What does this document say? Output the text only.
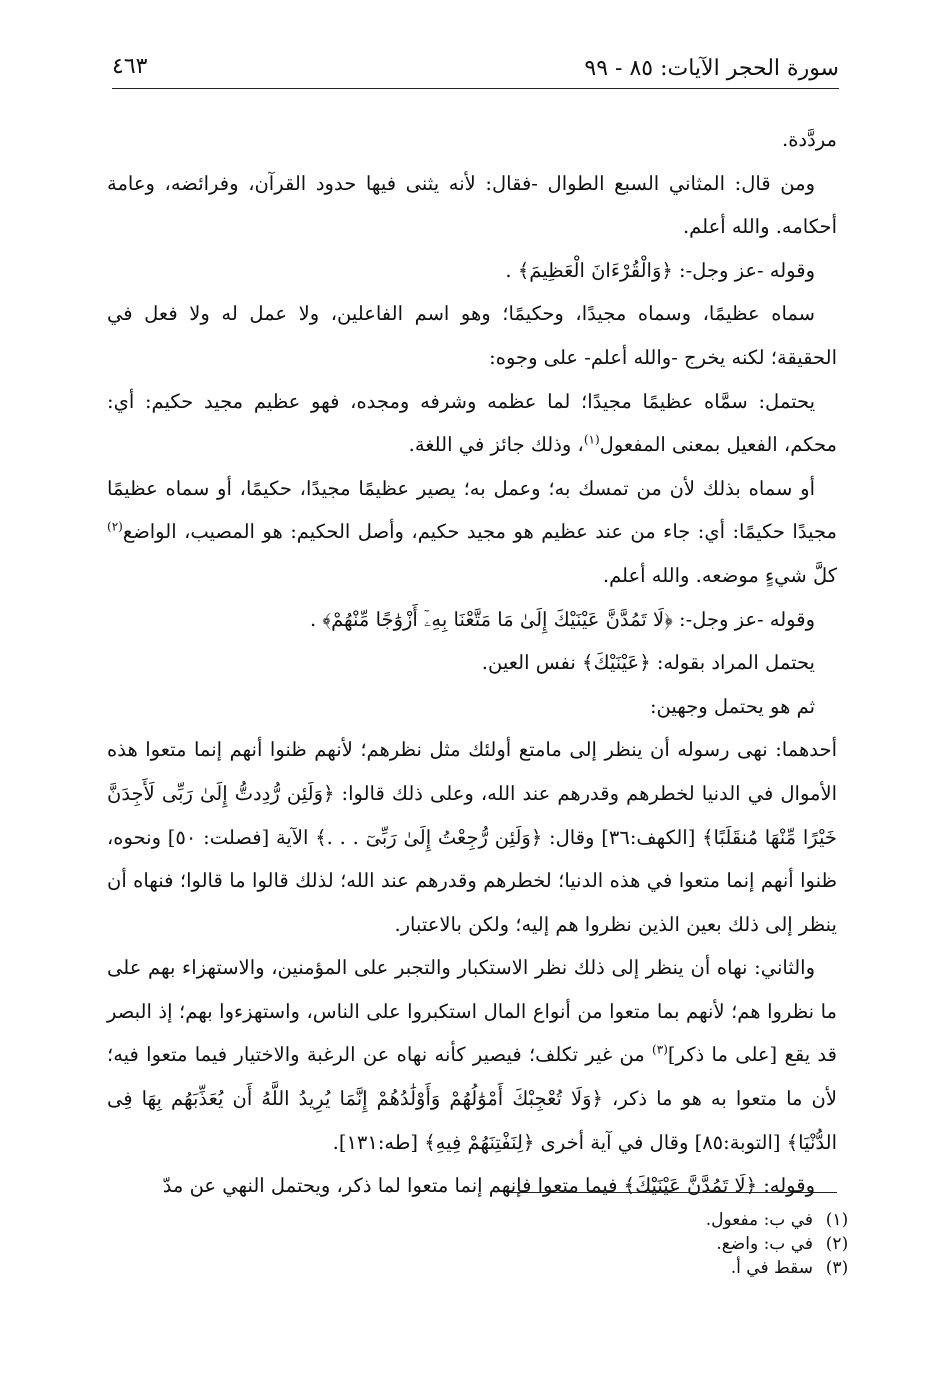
سورة الحجر الآيات: ٨٥ - ٩٩
٤٦٣

مردَّدة.

ومن قال: المثاني السبع الطوال -فقال: لأنه يثنى فيها حدود القرآن، وفرائضه، وعامة أحكامه. والله أعلم.

وقوله -عز وجل-: ﴿وَالْقُرْءَانَ الْعَظِيمَ﴾ .

سماه عظيمًا، وسماه مجيدًا، وحكيمًا؛ وهو اسم الفاعلين، ولا عمل له ولا فعل في الحقيقة؛ لكنه يخرج -والله أعلم- على وجوه:

يحتمل: سمَّاه عظيمًا مجيدًا؛ لما عظمه وشرفه ومجده، فهو عظيم مجيد حكيم: أي: محكم، الفعيل بمعنى المفعول$^{(١)}$، وذلك جائز في اللغة.

أو سماه بذلك لأن من تمسك به؛ وعمل به؛ يصير عظيمًا مجيدًا، حكيمًا، أو سماه عظيمًا مجيدًا حكيمًا: أي: جاء من عند عظيم هو مجيد حكيم، وأصل الحكيم: هو المصيب، الواضع$^{(٢)}$ كلَّ شيءٍ موضعه. والله أعلم.

وقوله -عز وجل-: ﴿لَا تَمُدَّنَّ عَيْنَيْكَ إِلَىٰ مَا مَتَّعْنَا بِهِۦٓ أَزْوَٰجًا مِّنْهُمْ﴾ .

يحتمل المراد بقوله: ﴿عَيْنَيْكَ﴾ نفس العين.

ثم هو يحتمل وجهين:

أحدهما: نهى رسوله أن ينظر إلى مامتع أولئك مثل نظرهم؛ لأنهم ظنوا أنهم إنما متعوا هذه الأموال في الدنيا لخطرهم وقدرهم عند الله، وعلى ذلك قالوا: ﴿وَلَئِن رُّدِدتُّ إِلَىٰ رَبِّى لَأَجِدَنَّ خَيْرًا مِّنْهَا مُنقَلَبًا﴾ [الكهف:٣٦] وقال: ﴿وَلَئِن رُّجِعْتُ إِلَىٰ رَبِّىٓ . . .﴾ الآية [فصلت: ٥٠] ونحوه، ظنوا أنهم إنما متعوا في هذه الدنيا؛ لخطرهم وقدرهم عند الله؛ لذلك قالوا ما قالوا؛ فنهاه أن ينظر إلى ذلك بعين الذين نظروا هم إليه؛ ولكن بالاعتبار.

والثاني: نهاه أن ينظر إلى ذلك نظر الاستكبار والتجبر على المؤمنين، والاستهزاء بهم على ما نظروا هم؛ لأنهم بما متعوا من أنواع المال استكبروا على الناس، واستهزءوا بهم؛ إذ البصر قد يقع [على ما ذكر]$^{(٣)}$ من غير تكلف؛ فيصير كأنه نهاه عن الرغبة والاختيار فيما متعوا فيه؛ لأن ما متعوا به هو ما ذكر، ﴿وَلَا تُعْجِبْكَ أَمْوَٰلُهُمْ وَأَوْلَٰدُهُمْ إِنَّمَا يُرِيدُ اللَّهُ أَن يُعَذِّبَهُم بِهَا فِى الدُّنْيَا﴾ [التوبة:٨٥] وقال في آية أخرى ﴿لِنَفْتِنَهُمْ فِيهِ﴾ [طه:١٣١].

وقوله: ﴿لَا تَمُدَّنَّ عَيْنَيْكَ﴾ فيما متعوا فإنهم إنما متعوا لما ذكر، ويحتمل النهي عن مدّ

(١)
في ب: مفعول.
(٢)
في ب: واضع.
(٣)
سقط في أ.
